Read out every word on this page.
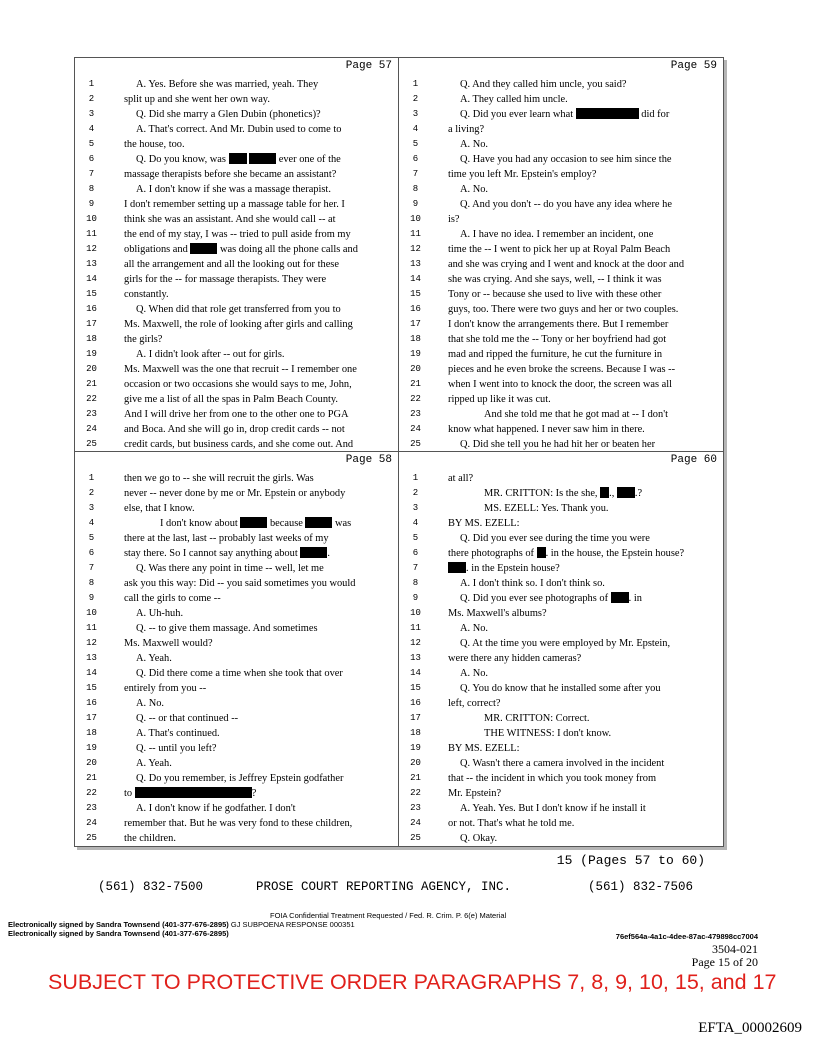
Page 57
1	A. Yes. Before she was married, yeah. They
2	split up and she went her own way.
3	Q. Did she marry a Glen Dubin (phonetics)?
4	A. That's correct. And Mr. Dubin used to come to
5	the house, too.
6	Q. Do you know, was	ever one of the
7	massage therapists before she became an assistant?
8	A. I don't know if she was a massage therapist.
9	I don't remember setting up a massage table for her. I
10	think she was an assistant. And she would call -- at
11	the end of my stay, I was -- tried to pull aside from my
12	obligations and	was doing all the phone calls and
13	all the arrangement and all the looking out for these
14	girls for the -- for massage therapists. They were
15	constantly.
16	Q. When did that role get transferred from you to
17	Ms. Maxwell, the role of looking after girls and calling
18	the girls?
19	A. I didn't look after -- out for girls.
20	Ms. Maxwell was the one that recruit -- I remember one
21	occasion or two occasions she would says to me, John,
22	give me a list of all the spas in Palm Beach County.
23	And I will drive her from one to the other one to PGA
24	and Boca. And she will go in, drop credit cards -- not
25	credit cards, but business cards, and she come out. And
Page 59
1	Q. And they called him uncle, you said?
2	A. They called him uncle.
3	Q. Did you ever learn what	did for
4	a living?
5	A. No.
6	Q. Have you had any occasion to see him since the
7	time you left Mr. Epstein's employ?
8	A. No.
9	Q. And you don't -- do you have any idea where he
10	is?
11	A. I have no idea. I remember an incident, one
12	time the -- I went to pick her up at Royal Palm Beach
13	and she was crying and I went and knock at the door and
14	she was crying. And she says, well, -- I think it was
15	Tony or -- because she used to live with these other
16	guys, too. There were two guys and her or two couples.
17	I don't know the arrangements there. But I remember
18	that she told me the -- Tony or her boyfriend had got
19	mad and ripped the furniture, he cut the furniture in
20	pieces and he even broke the screens. Because I was --
21	when I went into to knock the door, the screen was all
22	ripped up like it was cut.
23	And she told me that he got mad at -- I don't
24	know what happened. I never saw him in there.
25	Q. Did she tell you he had hit her or beaten her
Page 58
1	then we go to -- she will recruit the girls. Was
2	never -- never done by me or Mr. Epstein or anybody
3	else, that I know.
4	I don't know about	because	was
5	there at the last, last -- probably last weeks of my
6	stay there. So I cannot say anything about	.
7	Q. Was there any point in time -- well, let me
8	ask you this way: Did -- you said sometimes you would
9	call the girls to come --
10	A. Uh-huh.
11	Q. -- to give them massage. And sometimes
12	Ms. Maxwell would?
13	A. Yeah.
14	Q. Did there come a time when she took that over
15	entirely from you --
16	A. No.
17	Q. -- or that continued --
18	A. That's continued.
19	Q. -- until you left?
20	A. Yeah.
21	Q. Do you remember, is Jeffrey Epstein godfather
22	to	?
23	A. I don't know if he godfather. I don't
24	remember that. But he was very fond to these children,
25	the children.
Page 60
1	at all?
2	MR. CRITTON: Is the she, ., .?
3	MS. EZELL: Yes. Thank you.
4	BY MS. EZELL:
5	Q. Did you ever see during the time you were
6	there photographs of . in the house, the Epstein house?
7	. in the Epstein house?
8	A. I don't think so. I don't think so.
9	Q. Did you ever see photographs of . in
10	Ms. Maxwell's albums?
11	A. No.
12	Q. At the time you were employed by Mr. Epstein,
13	were there any hidden cameras?
14	A. No.
15	Q. You do know that he installed some after you
16	left, correct?
17	MR. CRITTON: Correct.
18	THE WITNESS: I don't know.
19	BY MS. EZELL:
20	Q. Wasn't there a camera involved in the incident
21	that -- the incident in which you took money from
22	Mr. Epstein?
23	A. Yeah. Yes. But I don't know if he install it
24	or not. That's what he told me.
25	Q. Okay.
15 (Pages 57 to 60)
(561) 832-7500	PROSE COURT REPORTING AGENCY, INC.	(561) 832-7506
FOIA Confidential Treatment Requested / Fed. R. Crim. P. 6(e) Material
Electronically signed by Sandra Townsend (401-377-676-2895) GJ SUBPOENA RESPONSE 000351
Electronically signed by Sandra Townsend (401-377-676-2895)	76ef564a-4a1c-4dee-87ac-479898cc7004
3504-021
Page 15 of 20
SUBJECT TO PROTECTIVE ORDER PARAGRAPHS 7, 8, 9, 10, 15, and 17
EFTA_00002609
